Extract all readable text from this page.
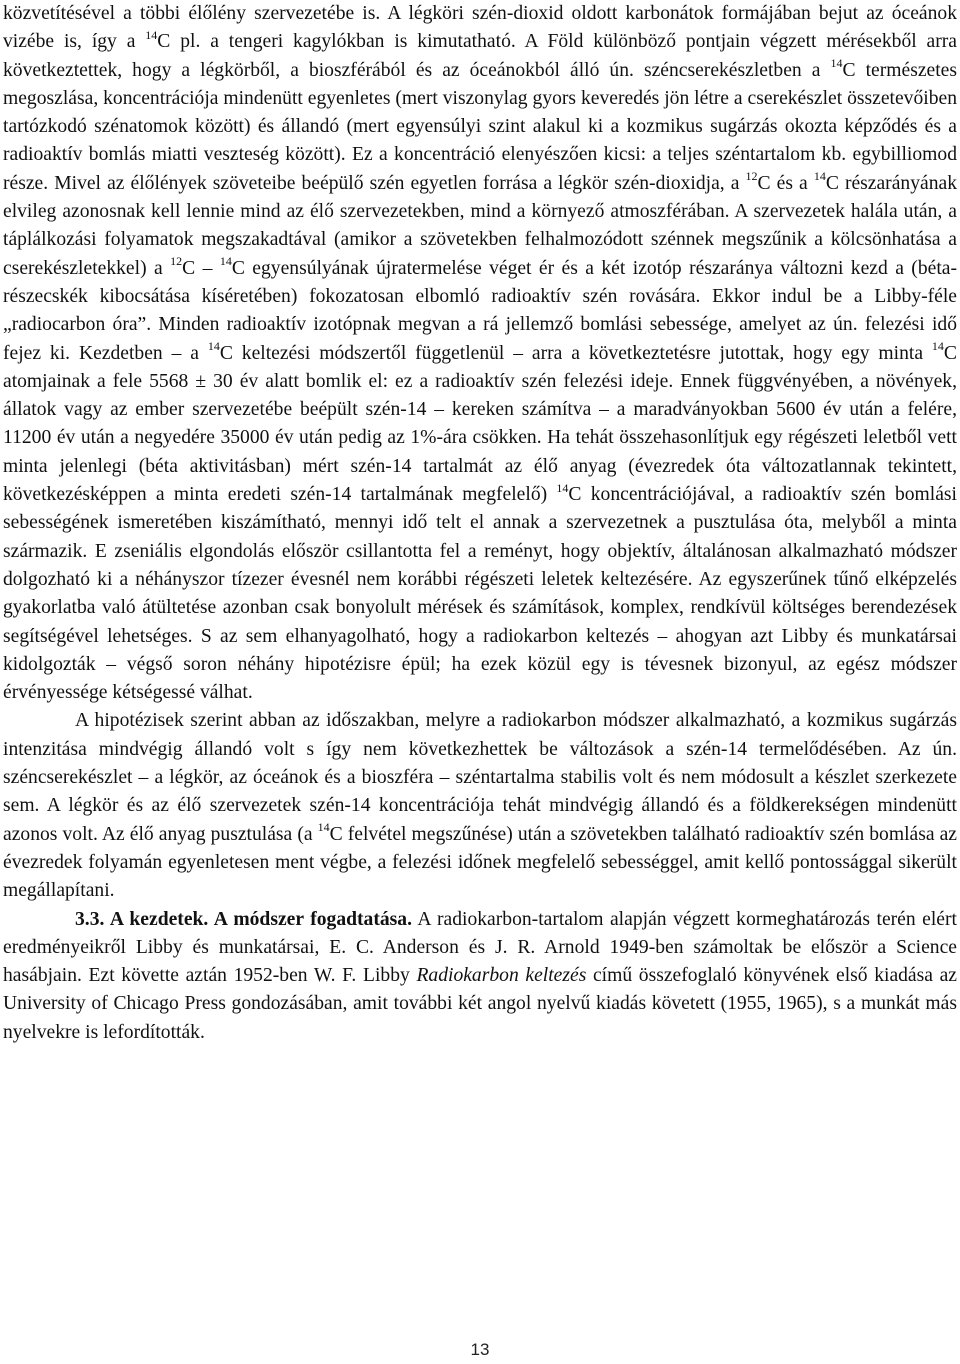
közvetítésével a többi élőlény szervezetébe is. A légköri szén-dioxid oldott karbonátok formájában bejut az óceánok vizébe is, így a $^{14}$C pl. a tengeri kagylókban is kimutatható. A Föld különböző pontjain végzett mérésekből arra következtettek, hogy a légkörből, a bioszférából és az óceánokból álló ún. széncserekészletben a $^{14}$C természetes megoszlása, koncentrációja mindenütt egyenletes (mert viszonylag gyors keveredés jön létre a cserekészlet összetevőiben tartózkodó szénatomok között) és állandó (mert egyensúlyi szint alakul ki a kozmikus sugárzás okozta képződés és a radioaktív bomlás miatti veszteség között). Ez a koncentráció elenyészően kicsi: a teljes széntartalom kb. egybilliomod része. Mivel az élőlények szöveteibe beépülő szén egyetlen forrása a légkör szén-dioxidja, a $^{12}$C és a $^{14}$C részarányának elvileg azonosnak kell lennie mind az élő szervezetekben, mind a környező atmoszférában. A szervezetek halála után, a táplálkozási folyamatok megszakadtával (amikor a szövetekben felhalmozódott szénnek megszűnik a kölcsönhatása a cserekészletekkel) a $^{12}$C – $^{14}$C egyensúlyának újratermelése véget ér és a két izotóp részaránya változni kezd a (béta-részecskék kibocsátása kíséretében) fokozatosan elbomló radioaktív szén rovására. Ekkor indul be a Libby-féle „radiocarbon óra”. Minden radioaktív izotópnak megvan a rá jellemző bomlási sebessége, amelyet az ún. felezési idő fejez ki. Kezdetben – a $^{14}$C keltezési módszertől függetlenül – arra a következtetésre jutottak, hogy egy minta $^{14}$C atomjainak a fele 5568 ± 30 év alatt bomlik el: ez a radioaktív szén felezési ideje. Ennek függvényében, a növények, állatok vagy az ember szervezetébe beépült szén-14 – kereken számítva – a maradványokban 5600 év után a felére, 11200 év után a negyedére 35000 év után pedig az 1%-ára csökken. Ha tehát összehasonlítjuk egy régészeti leletből vett minta jelenlegi (béta aktivitásban) mért szén-14 tartalmát az élő anyag (évezredek óta változatlannak tekintett, következésképpen a minta eredeti szén-14 tartalmának megfelelő) $^{14}$C koncentrációjával, a radioaktív szén bomlási sebességének ismeretében kiszámítható, mennyi idő telt el annak a szervezetnek a pusztulása óta, melyből a minta származik. E zseniális elgondolás először csillantotta fel a reményt, hogy objektív, általánosan alkalmazható módszer dolgozható ki a néhányszor tízezer évesnél nem korábbi régészeti leletek keltezésére. Az egyszerűnek tűnő elképzelés gyakorlatba való átültetése azonban csak bonyolult mérések és számítások, komplex, rendkívül költséges berendezések segítségével lehetséges. S az sem elhanyagolható, hogy a radiokarbon keltezés – ahogyan azt Libby és munkatársai kidolgozták – végső soron néhány hipotézisre épül; ha ezek közül egy is tévesnek bizonyul, az egész módszer érvényessége kétségessé válhat.

A hipotézisek szerint abban az időszakban, melyre a radiokarbon módszer alkalmazható, a kozmikus sugárzás intenzitása mindvégig állandó volt s így nem következhettek be változások a szén-14 termelődésében. Az ún. széncserekészlet – a légkör, az óceánok és a bioszféra – széntartalma stabilis volt és nem módosult a készlet szerkezete sem. A légkör és az élő szervezetek szén-14 koncentrációja tehát mindvégig állandó és a földkerekségen mindenütt azonos volt. Az élő anyag pusztulása (a $^{14}$C felvétel megszűnése) után a szövetekben található radioaktív szén bomlása az évezredek folyamán egyenletesen ment végbe, a felezési időnek megfelelő sebességgel, amit kellő pontossággal sikerült megállapítani.

3.3. A kezdetek. A módszer fogadtatása. A radiokarbon-tartalom alapján végzett kormeghatározás terén elért eredményeikről Libby és munkatársai, E. C. Anderson és J. R. Arnold 1949-ben számoltak be először a Science hasábjain. Ezt követte aztán 1952-ben W. F. Libby Radiokarbon keltezés című összefoglaló könyvének első kiadása az University of Chicago Press gondozásában, amit további két angol nyelvű kiadás követett (1955, 1965), s a munkát más nyelvekre is lefordították.

13
